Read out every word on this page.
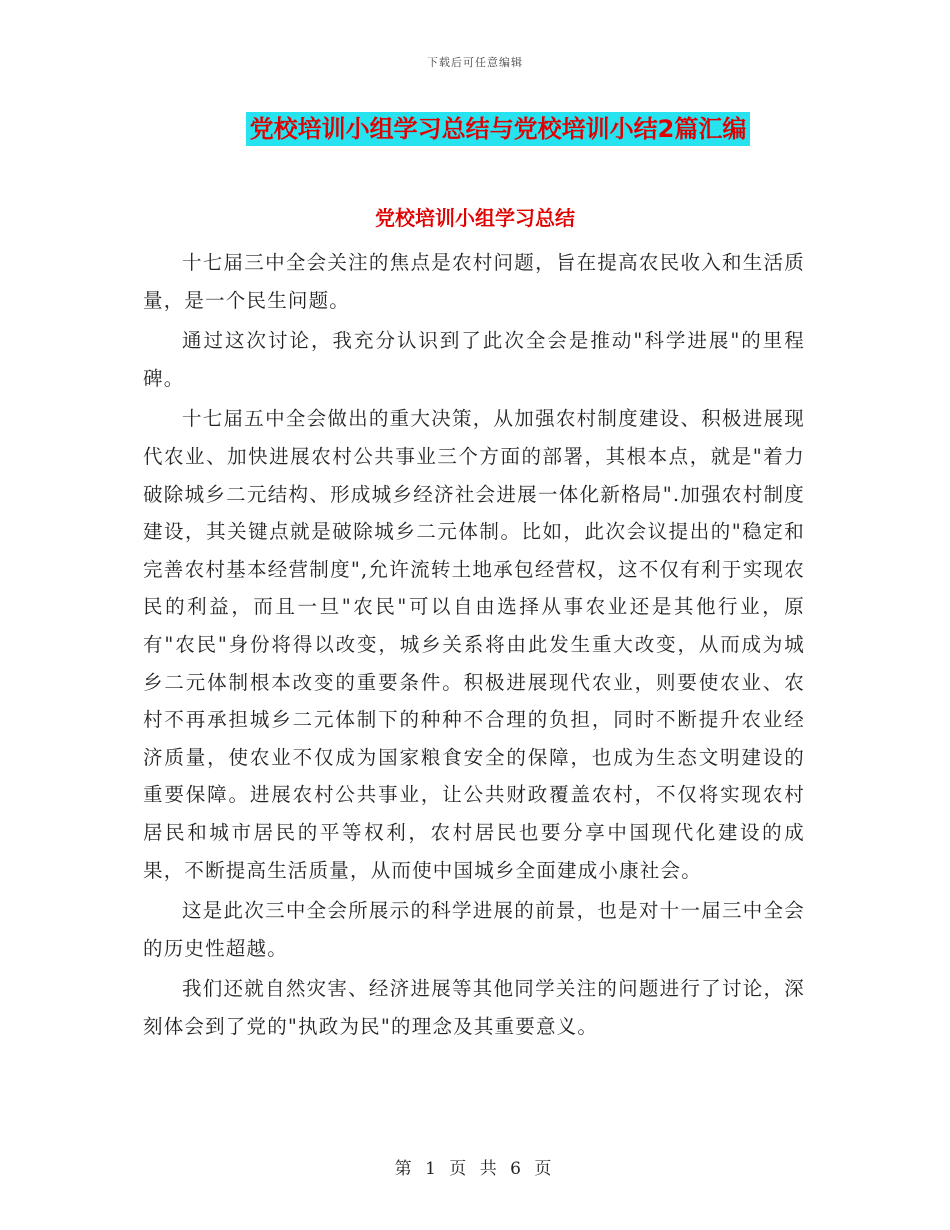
下载后可任意编辑
党校培训小组学习总结与党校培训小结2篇汇编
党校培训小组学习总结

十七届三中全会关注的焦点是农村问题，旨在提高农民收入和生活质量，是一个民生问题。

通过这次讨论，我充分认识到了此次全会是推动"科学进展"的里程碑。

十七届五中全会做出的重大决策，从加强农村制度建设、积极进展现代农业、加快进展农村公共事业三个方面的部署，其根本点，就是"着力破除城乡二元结构、形成城乡经济社会进展一体化新格局".加强农村制度建设，其关键点就是破除城乡二元体制。比如，此次会议提出的"稳定和完善农村基本经营制度",允许流转土地承包经营权，这不仅有利于实现农民的利益，而且一旦"农民"可以自由选择从事农业还是其他行业，原有"农民"身份将得以改变，城乡关系将由此发生重大改变，从而成为城乡二元体制根本改变的重要条件。积极进展现代农业，则要使农业、农村不再承担城乡二元体制下的种种不合理的负担，同时不断提升农业经济质量，使农业不仅成为国家粮食安全的保障，也成为生态文明建设的重要保障。进展农村公共事业，让公共财政覆盖农村，不仅将实现农村居民和城市居民的平等权利，农村居民也要分享中国现代化建设的成果，不断提高生活质量，从而使中国城乡全面建成小康社会。

这是此次三中全会所展示的科学进展的前景，也是对十一届三中全会的历史性超越。

我们还就自然灾害、经济进展等其他同学关注的问题进行了讨论，深刻体会到了党的"执政为民"的理念及其重要意义。

第 1 页 共 6 页
